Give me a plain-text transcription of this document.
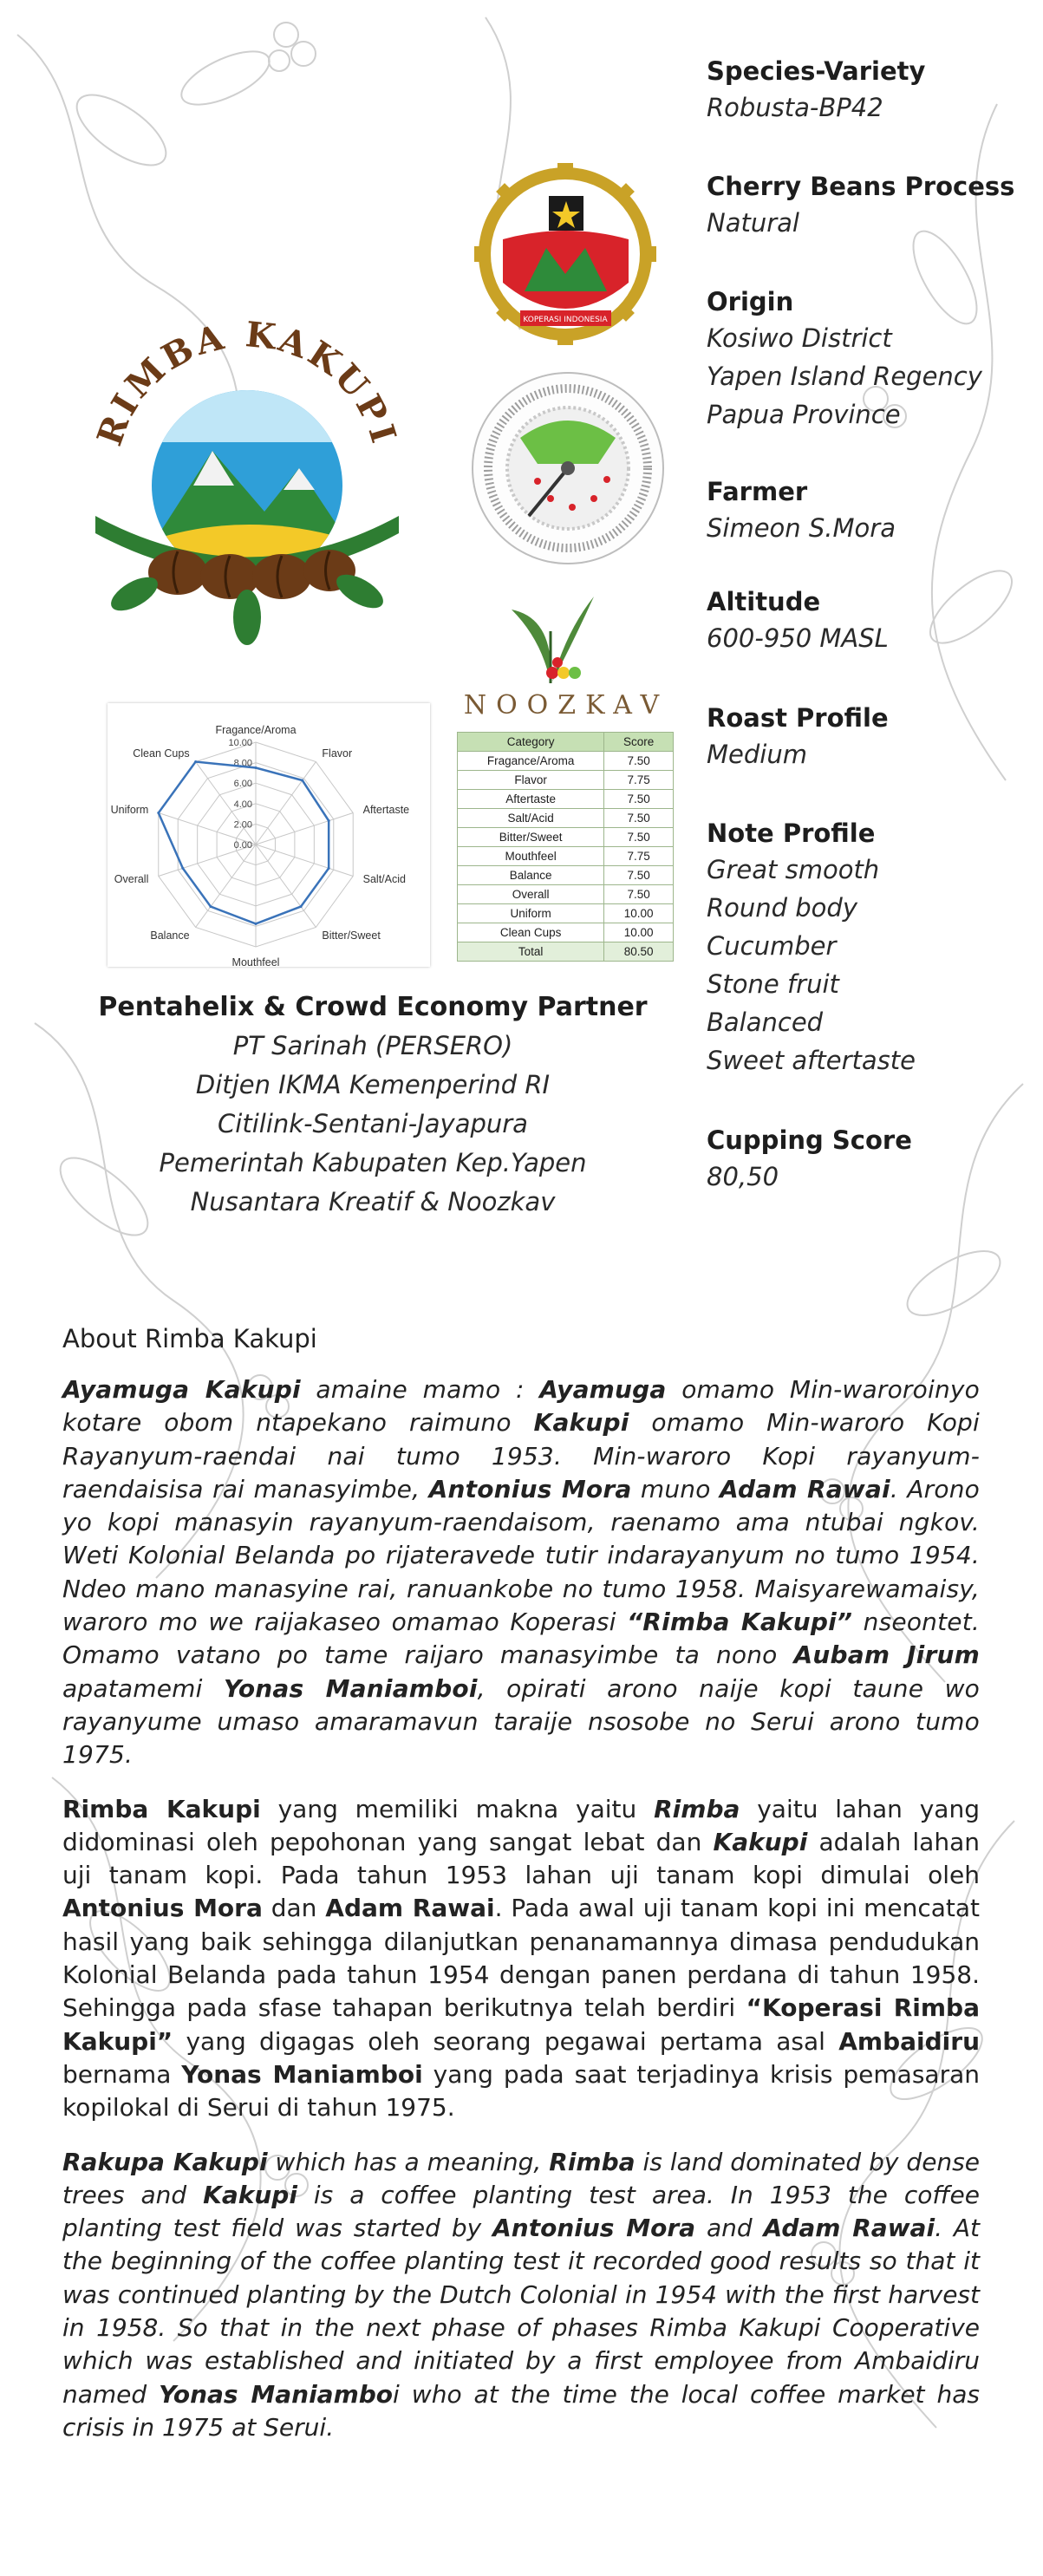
RIMBA KAKUPI
KOPERASI INDONESIA
NOOZKAV
0.00
2.00
4.00
6.00
8.00
10.00
Fragance/Aroma
Flavor
Aftertaste
Salt/Acid
Bitter/Sweet
Mouthfeel
Balance
Overall
Uniform
Clean Cups
Category	Score
Fragance/Aroma	7.50
Flavor	7.75
Aftertaste	7.50
Salt/Acid	7.50
Bitter/Sweet	7.50
Mouthfeel	7.75
Balance	7.50
Overall	7.50
Uniform	10.00
Clean Cups	10.00
Total	80.50
Species-Variety
Robusta-BP42
Cherry Beans Process
Natural
Origin
Kosiwo District
Yapen Island Regency
Papua Province
Farmer
Simeon S.Mora
Altitude
600-950 MASL
Roast Profile
Medium
Note Profile
Great smooth
Round body
Cucumber
Stone fruit
Balanced
Sweet aftertaste
Cupping Score
80,50
Pentahelix & Crowd Economy Partner
PT Sarinah (PERSERO)
Ditjen IKMA Kemenperind RI
Citilink-Sentani-Jayapura
Pemerintah Kabupaten Kep.Yapen
Nusantara Kreatif & Noozkav
About Rimba Kakupi

Ayamuga Kakupi amaine mamo : Ayamuga omamo Min-waroroinyo kotare obom ntapekano raimuno Kakupi omamo Min-waroro Kopi Rayanyum-raendai nai tumo 1953. Min-waroro Kopi rayanyum-raendaisisa rai manasyimbe, Antonius Mora muno Adam Rawai. Arono yo kopi manasyin rayanyum-raendaisom, raenamo ama ntubai ngkov. Weti Kolonial Belanda po rijateravede tutir indarayanyum no tumo 1954. Ndeo mano manasyine rai, ranuankobe no tumo 1958. Maisyarewamaisy, waroro mo we raijakaseo omamao Koperasi “Rimba Kakupi” nseontet. Omamo vatano po tame raijaro manasyimbe ta nono Aubam Jirum apatamemi Yonas Maniamboi, opirati arono naije kopi taune wo rayanyume umaso amaramavun taraije nsosobe no Serui arono tumo 1975.

Rimba Kakupi yang memiliki makna yaitu Rimba yaitu lahan yang didominasi oleh pepohonan yang sangat lebat dan Kakupi adalah lahan uji tanam kopi. Pada tahun 1953 lahan uji tanam kopi dimulai oleh Antonius Mora dan Adam Rawai. Pada awal uji tanam kopi ini mencatat hasil yang baik sehingga dilanjutkan penanamannya dimasa pendudukan Kolonial Belanda pada tahun 1954 dengan panen perdana di tahun 1958. Sehingga pada sfase tahapan berikutnya telah berdiri “Koperasi Rimba Kakupi” yang digagas oleh seorang pegawai pertama asal Ambaidiru bernama Yonas Maniamboi yang pada saat terjadinya krisis pemasaran kopilokal di Serui di tahun 1975.

Rakupa Kakupi which has a meaning, Rimba is land dominated by dense trees and Kakupi is a coffee planting test area. In 1953 the coffee planting test field was started by Antonius Mora and Adam Rawai. At the beginning of the coffee planting test it recorded good results so that it was continued planting by the Dutch Colonial in 1954 with the first harvest in 1958. So that in the next phase of phases Rimba Kakupi Cooperative which was established and initiated by a first employee from Ambaidiru named Yonas Maniamboi who at the time the local coffee market has crisis in 1975 at Serui.
